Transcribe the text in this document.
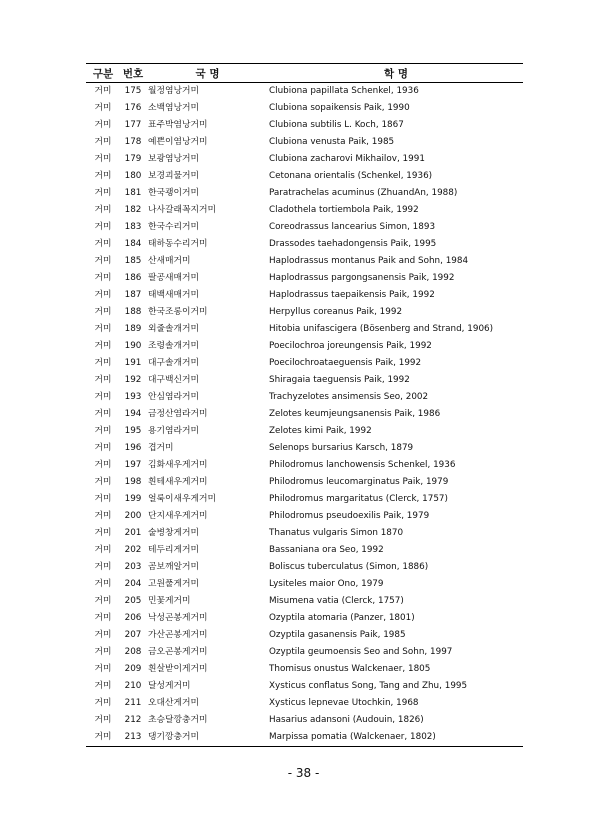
구분	번호	국 명	학 명
거미	175	월정염낭거미	Clubiona papillata Schenkel, 1936
거미	176	소백염낭거미	Clubiona sopaikensis Paik, 1990
거미	177	표주박염낭거미	Clubiona subtilis L. Koch, 1867
거미	178	예쁜이염낭거미	Clubiona venusta Paik, 1985
거미	179	보광염낭거미	Clubiona zacharovi Mikhailov, 1991
거미	180	보경괴물거미	Cetonana orientalis (Schenkel, 1936)
거미	181	한국괭이거미	Paratrachelas acuminus (ZhuandAn, 1988)
거미	182	나사갈래꼭지거미	Cladothela tortiembola Paik, 1992
거미	183	한국수리거미	Coreodrassus lancearius Simon, 1893
거미	184	태하동수리거미	Drassodes taehadongensis Paik, 1995
거미	185	산새매거미	Haplodrassus montanus Paik and Sohn, 1984
거미	186	팔공새매거미	Haplodrassus pargongsanensis Paik, 1992
거미	187	태백새매거미	Haplodrassus taepaikensis Paik, 1992
거미	188	한국조롱이거미	Herpyllus coreanus Paik, 1992
거미	189	외줄솔개거미	Hitobia unifascigera (Bösenberg and Strand, 1906)
거미	190	조령솔개거미	Poecilochroa joreungensis Paik, 1992
거미	191	대구솔개거미	Poecilochroataeguensis Paik, 1992
거미	192	대구백신거미	Shiragaia taeguensis Paik, 1992
거미	193	안심염라거미	Trachyzelotes ansimensis Seo, 2002
거미	194	금정산염라거미	Zelotes keumjeungsanensis Paik, 1986
거미	195	용기염라거미	Zelotes kimi Paik, 1992
거미	196	겹거미	Selenops bursarius Karsch, 1879
거미	197	김화새우게거미	Philodromus lanchowensis Schenkel, 1936
거미	198	흰테새우게거미	Philodromus leucomarginatus Paik, 1979
거미	199	얼룩이새우게거미	Philodromus margaritatus (Clerck, 1757)
거미	200	단지새우게거미	Philodromus pseudoexilis Paik, 1979
거미	201	술병창게거미	Thanatus vulgaris Simon 1870
거미	202	테두리게거미	Bassaniana ora Seo, 1992
거미	203	곰보깨알거미	Boliscus tuberculatus (Simon, 1886)
거미	204	고원풀게거미	Lysiteles maior Ono, 1979
거미	205	민꽃게거미	Misumena vatia (Clerck, 1757)
거미	206	낙성곤봉게거미	Ozyptila atomaria (Panzer, 1801)
거미	207	가산곤봉게거미	Ozyptila gasanensis Paik, 1985
거미	208	금오곤봉게거미	Ozyptila geumoensis Seo and Sohn, 1997
거미	209	흰살받이게거미	Thomisus onustus Walckenaer, 1805
거미	210	달성게거미	Xysticus conflatus Song, Tang and Zhu, 1995
거미	211	오대산게거미	Xysticus lepnevae Utochkin, 1968
거미	212	초승달깡충거미	Hasarius adansoni (Audouin, 1826)
거미	213	댕기깡충거미	Marpissa pomatia (Walckenaer, 1802)
- 38 -
